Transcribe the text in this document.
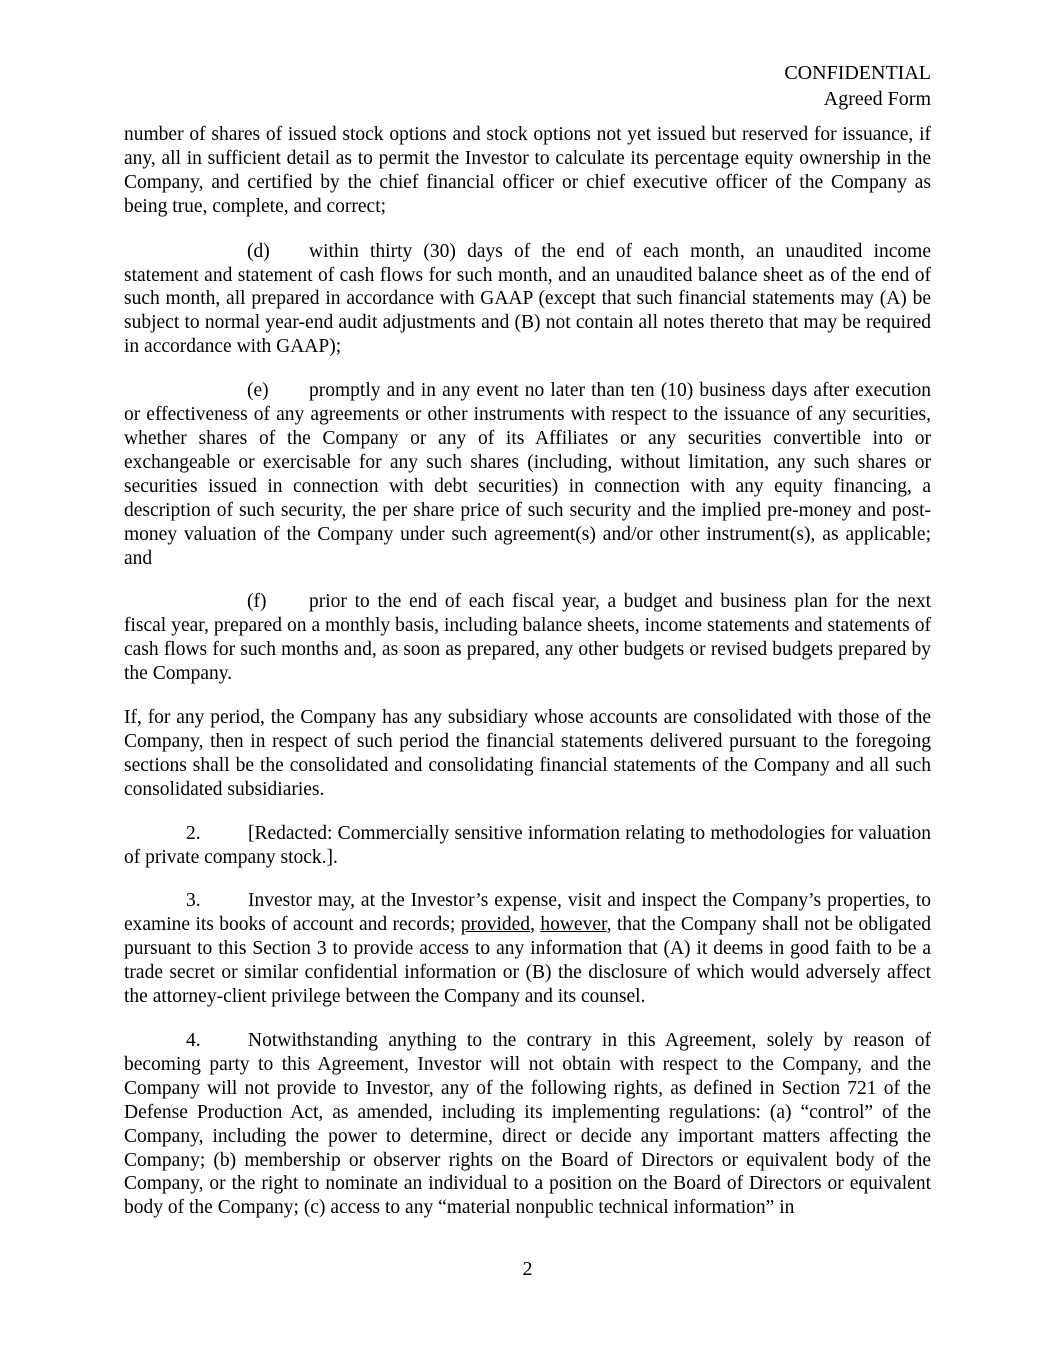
CONFIDENTIAL
Agreed Form

number of shares of issued stock options and stock options not yet issued but reserved for issuance, if any, all in sufficient detail as to permit the Investor to calculate its percentage equity ownership in the Company, and certified by the chief financial officer or chief executive officer of the Company as being true, complete, and correct;

(d) within thirty (30) days of the end of each month, an unaudited income statement and statement of cash flows for such month, and an unaudited balance sheet as of the end of such month, all prepared in accordance with GAAP (except that such financial statements may (A) be subject to normal year-end audit adjustments and (B) not contain all notes thereto that may be required in accordance with GAAP);

(e) promptly and in any event no later than ten (10) business days after execution or effectiveness of any agreements or other instruments with respect to the issuance of any securities, whether shares of the Company or any of its Affiliates or any securities convertible into or exchangeable or exercisable for any such shares (including, without limitation, any such shares or securities issued in connection with debt securities) in connection with any equity financing, a description of such security, the per share price of such security and the implied pre-money and post-money valuation of the Company under such agreement(s) and/or other instrument(s), as applicable; and

(f) prior to the end of each fiscal year, a budget and business plan for the next fiscal year, prepared on a monthly basis, including balance sheets, income statements and statements of cash flows for such months and, as soon as prepared, any other budgets or revised budgets prepared by the Company.

If, for any period, the Company has any subsidiary whose accounts are consolidated with those of the Company, then in respect of such period the financial statements delivered pursuant to the foregoing sections shall be the consolidated and consolidating financial statements of the Company and all such consolidated subsidiaries.

2. [Redacted: Commercially sensitive information relating to methodologies for valuation of private company stock.].

3. Investor may, at the Investor’s expense, visit and inspect the Company’s properties, to examine its books of account and records; provided, however, that the Company shall not be obligated pursuant to this Section 3 to provide access to any information that (A) it deems in good faith to be a trade secret or similar confidential information or (B) the disclosure of which would adversely affect the attorney-client privilege between the Company and its counsel.

4. Notwithstanding anything to the contrary in this Agreement, solely by reason of becoming party to this Agreement, Investor will not obtain with respect to the Company, and the Company will not provide to Investor, any of the following rights, as defined in Section 721 of the Defense Production Act, as amended, including its implementing regulations: (a) “control” of the Company, including the power to determine, direct or decide any important matters affecting the Company; (b) membership or observer rights on the Board of Directors or equivalent body of the Company, or the right to nominate an individual to a position on the Board of Directors or equivalent body of the Company; (c) access to any “material nonpublic technical information” in

2
